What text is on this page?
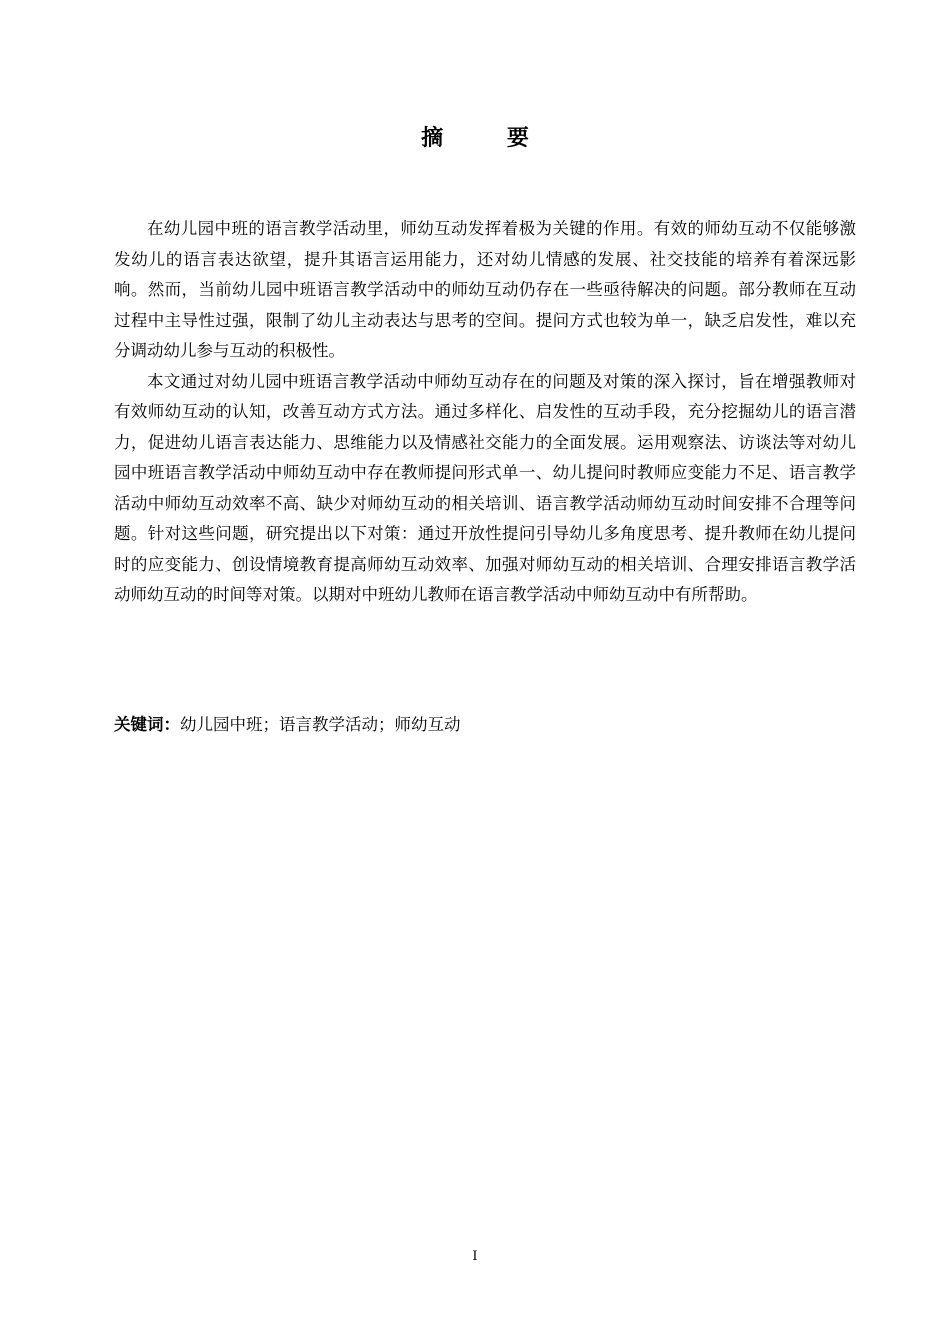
摘 要

在幼儿园中班的语言教学活动里，师幼互动发挥着极为关键的作用。有效的师幼互动不仅能够激发幼儿的语言表达欲望，提升其语言运用能力，还对幼儿情感的发展、社交技能的培养有着深远影响。然而，当前幼儿园中班语言教学活动中的师幼互动仍存在一些亟待解决的问题。部分教师在互动过程中主导性过强，限制了幼儿主动表达与思考的空间。提问方式也较为单一，缺乏启发性，难以充分调动幼儿参与互动的积极性。

本文通过对幼儿园中班语言教学活动中师幼互动存在的问题及对策的深入探讨，旨在增强教师对有效师幼互动的认知，改善互动方式方法。通过多样化、启发性的互动手段，充分挖掘幼儿的语言潜力，促进幼儿语言表达能力、思维能力以及情感社交能力的全面发展。运用观察法、访谈法等对幼儿园中班语言教学活动中师幼互动中存在教师提问形式单一、幼儿提问时教师应变能力不足、语言教学活动中师幼互动效率不高、缺少对师幼互动的相关培训、语言教学活动师幼互动时间安排不合理等问题。针对这些问题，研究提出以下对策：通过开放性提问引导幼儿多角度思考、提升教师在幼儿提问时的应变能力、创设情境教育提高师幼互动效率、加强对师幼互动的相关培训、合理安排语言教学活动师幼互动的时间等对策。以期对中班幼儿教师在语言教学活动中师幼互动中有所帮助。

关键词：幼儿园中班；语言教学活动；师幼互动
I
